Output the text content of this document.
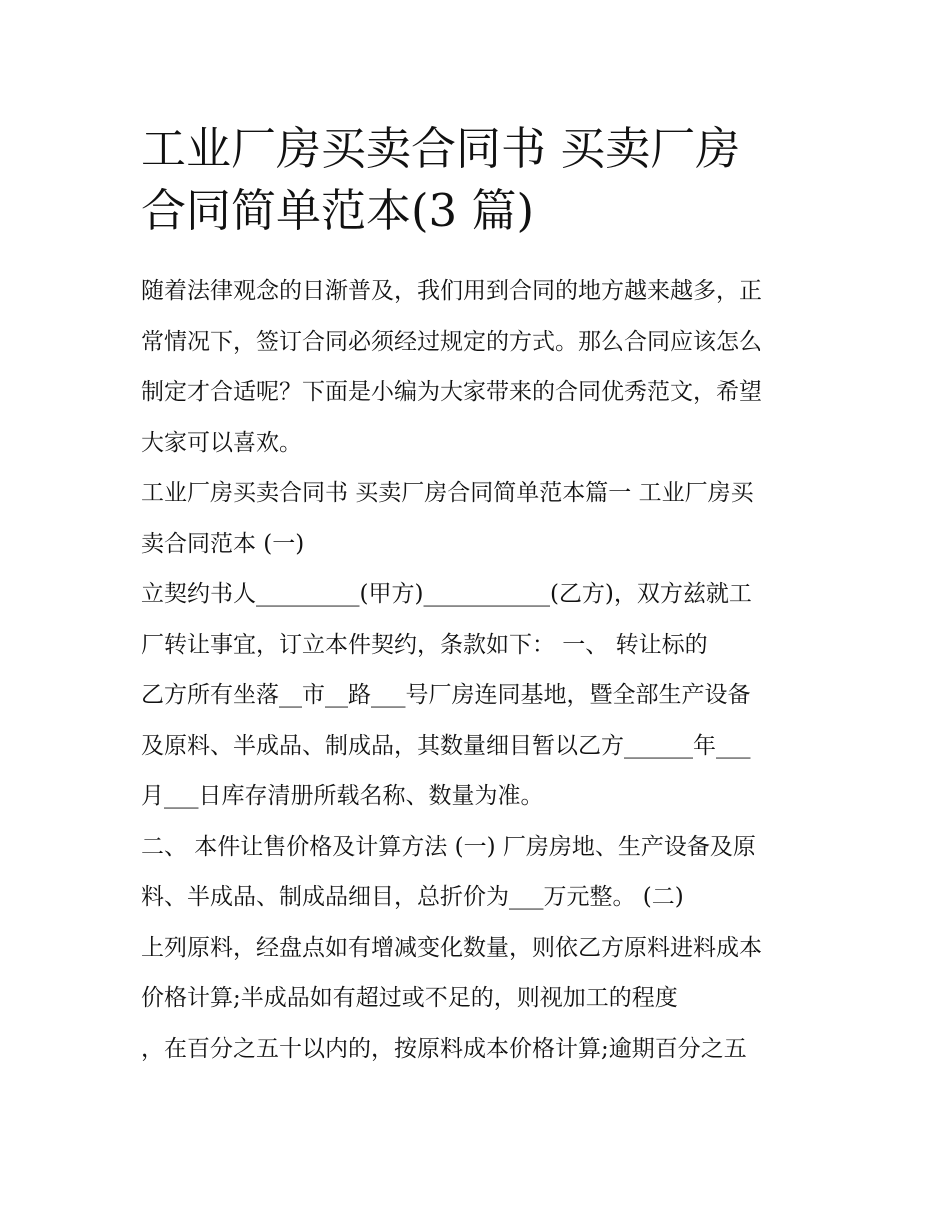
工业厂房买卖合同书 买卖厂房
合同简单范本(3 篇)

随着法律观念的日渐普及，我们用到合同的地方越来越多，正
常情况下，签订合同必须经过规定的方式。那么合同应该怎么
制定才合适呢？下面是小编为大家带来的合同优秀范文，希望
大家可以喜欢。

工业厂房买卖合同书 买卖厂房合同简单范本篇一 工业厂房买
卖合同范本 (一)

立契约书人_________(甲方)___________(乙方)，双方兹就工
厂转让事宜，订立本件契约，条款如下： 一、 转让标的

乙方所有坐落__市__路___号厂房连同基地，暨全部生产设备
及原料、半成品、制成品，其数量细目暂以乙方______年___
月___日库存清册所载名称、数量为准。

二、 本件让售价格及计算方法 (一) 厂房房地、生产设备及原
料、半成品、制成品细目，总折价为___万元整。 (二)

上列原料，经盘点如有增减变化数量，则依乙方原料进料成本
价格计算;半成品如有超过或不足的，则视加工的程度

，在百分之五十以内的，按原料成本价格计算;逾期百分之五
